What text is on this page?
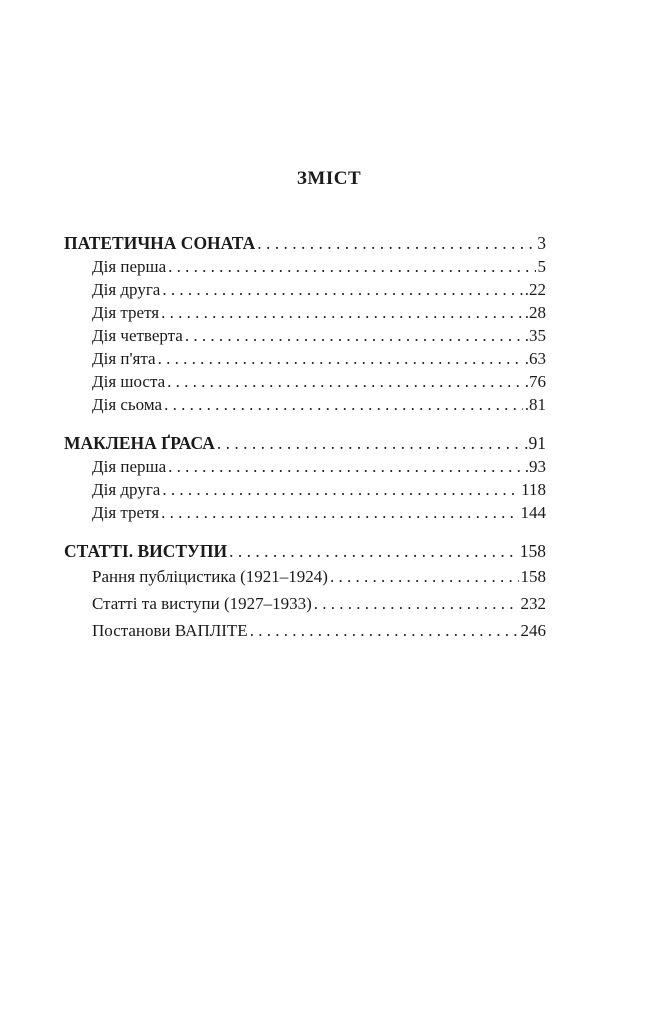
ЗМІСТ
ПАТЕТИЧНА СОНАТА . . .	3
Дія перша . . .	5
Дія друга . . .	.22
Дія третя . . .	.28
Дія четверта . . .	.35
Дія п'ята . . .	.63
Дія шоста . . .	.76
Дія сьома . . .	.81
МАКЛЕНА ҐРАСА . . .	.91
Дія перша . . .	.93
Дія друга . . .	118
Дія третя . . .	144
СТАТТІ. ВИСТУПИ . . .	158
Рання публіцистика (1921–1924) . . .	158
Статті та виступи (1927–1933) . . .	232
Постанови ВАПЛІТЕ . . .	246
